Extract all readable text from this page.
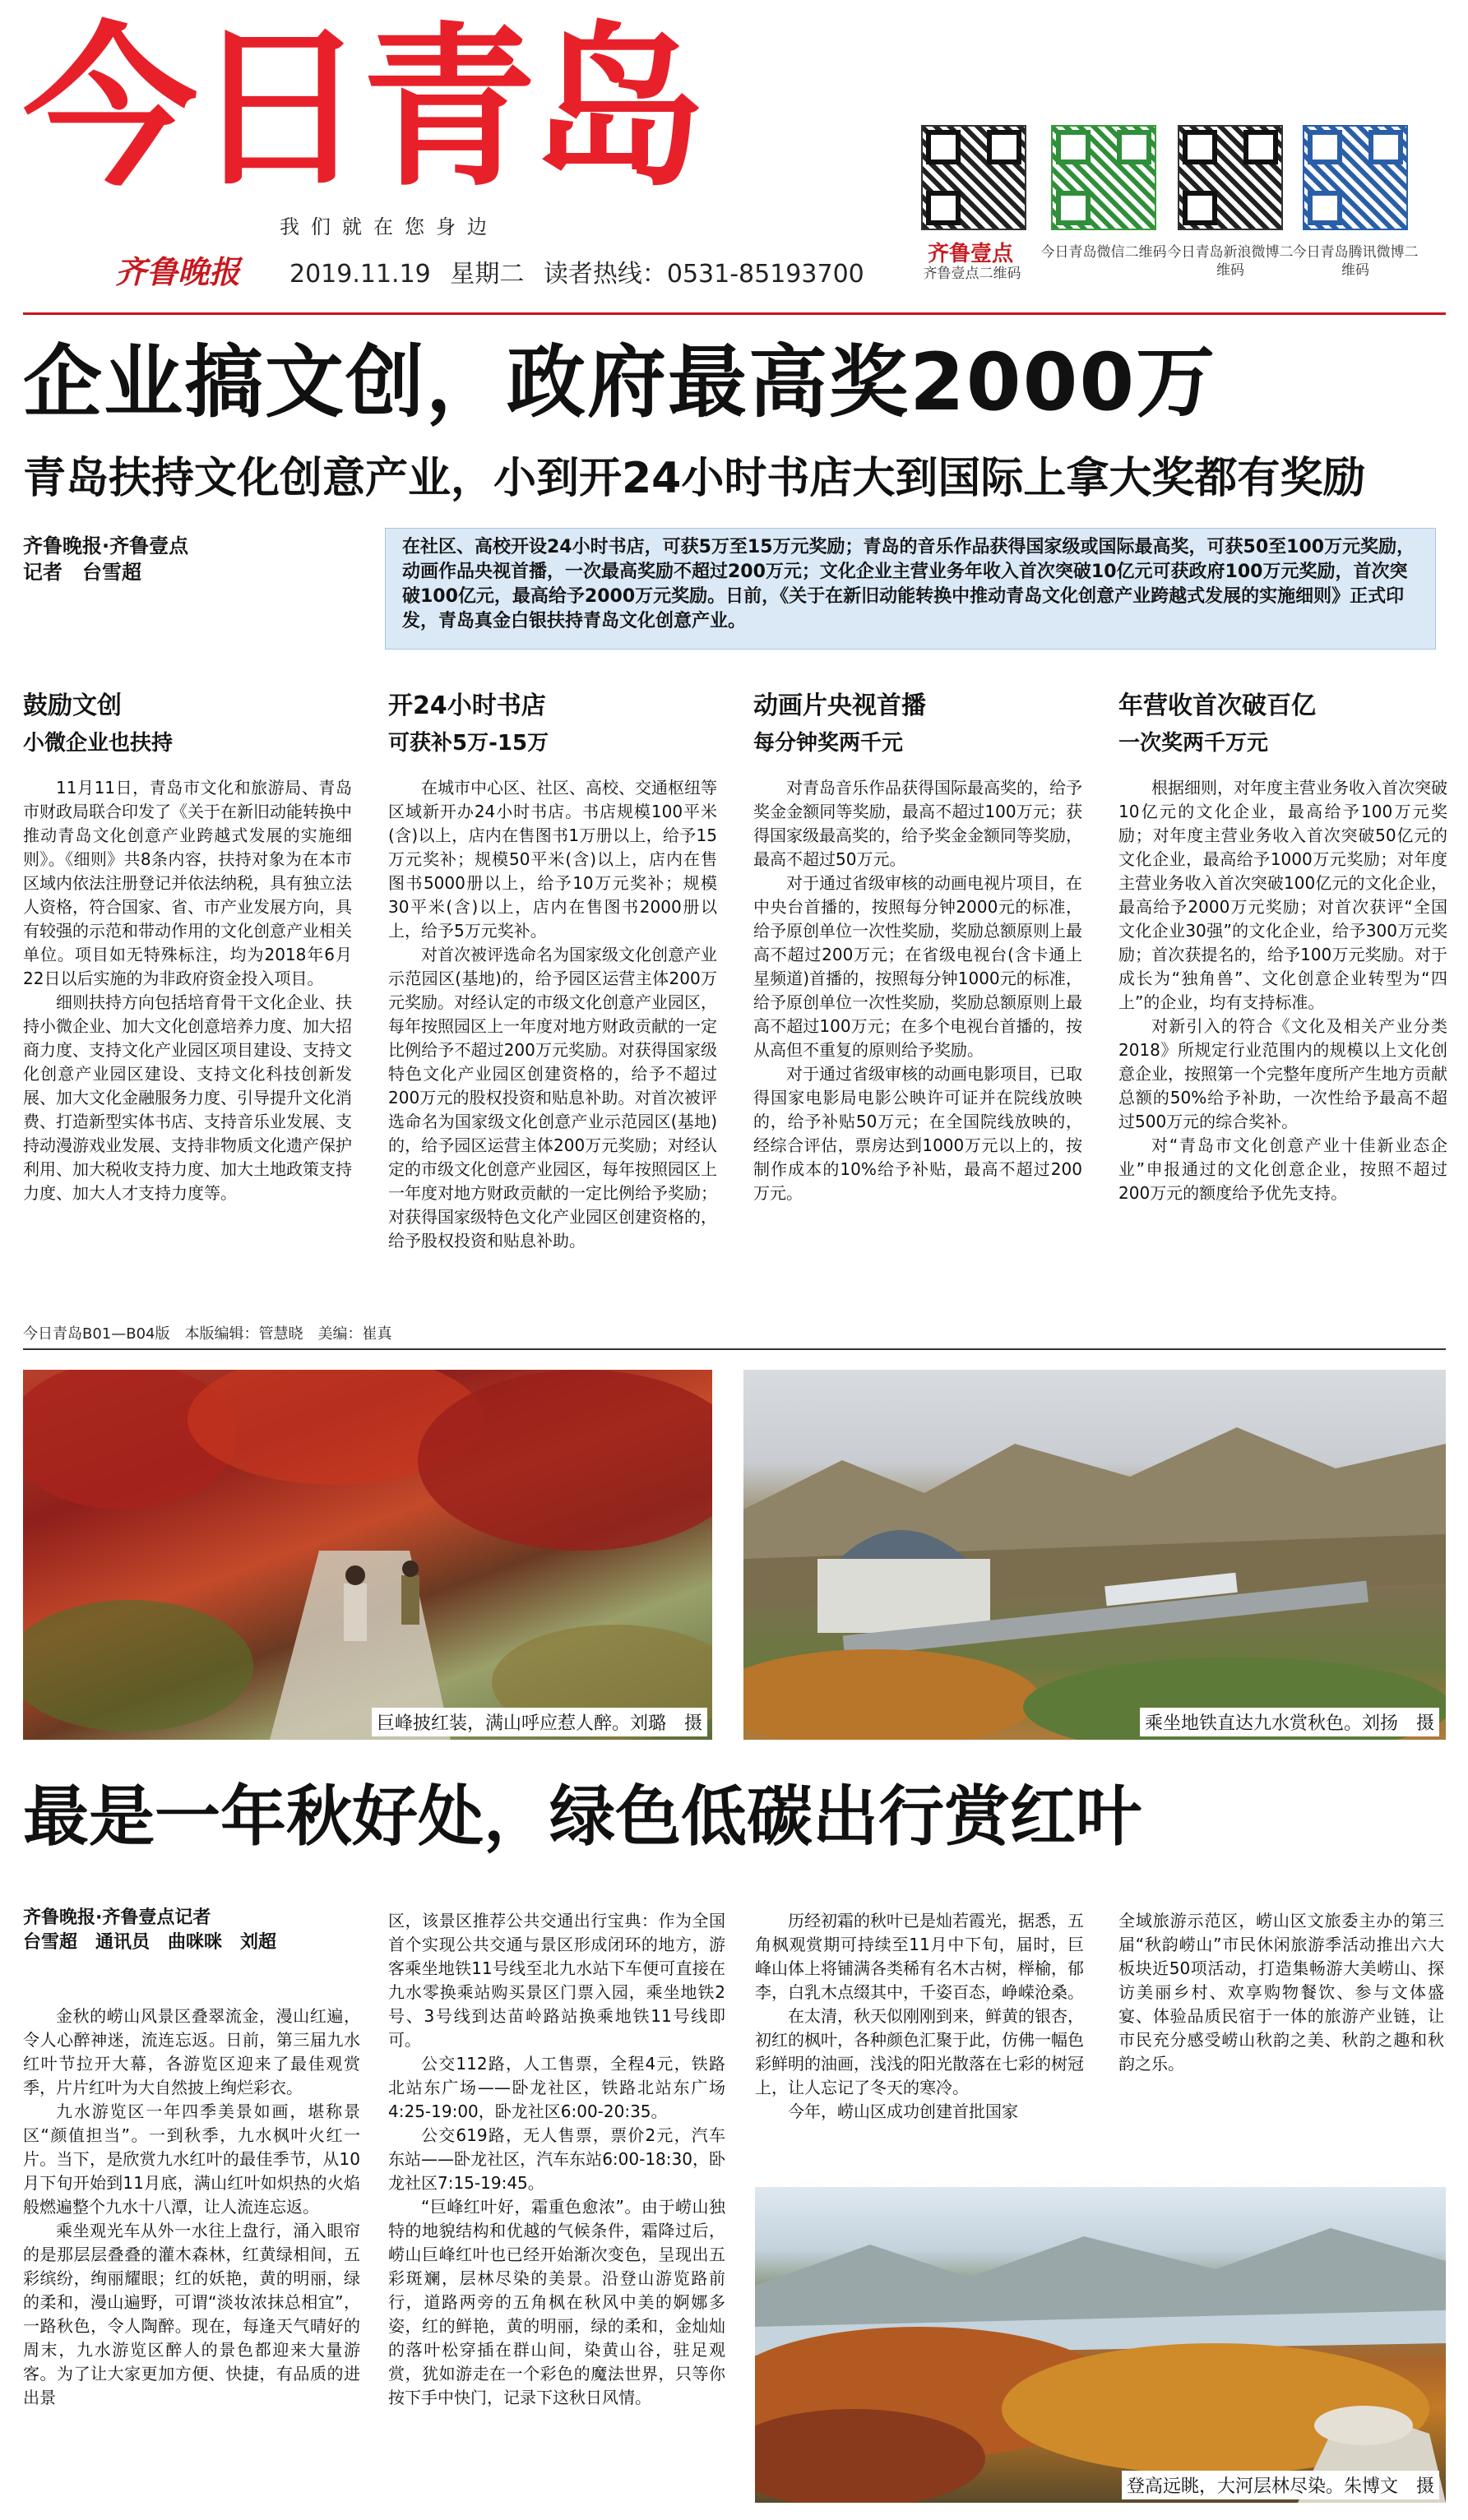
今日青岛
我们就在您身边
齐鲁晚报 2019.11.19 星期二 读者热线：0531-85193700
齐鲁壹点
齐鲁壹点二维码
今日青岛微信二维码 今日青岛新浪微博二维码
今日青岛腾讯微博二维码
企业搞文创，政府最高奖2000万
青岛扶持文化创意产业，小到开24小时书店大到国际上拿大奖都有奖励
齐鲁晚报·齐鲁壹点
记者　台雪超
在社区、高校开设24小时书店，可获5万至15万元奖励；青岛的音乐作品获得国家级或国际最高奖，可获50至100万元奖励，动画作品央视首播，一次最高奖励不超过200万元；文化企业主营业务年收入首次突破10亿元可获政府100万元奖励，首次突破100亿元，最高给予2000万元奖励。日前，《关于在新旧动能转换中推动青岛文化创意产业跨越式发展的实施细则》正式印发，青岛真金白银扶持青岛文化创意产业。
鼓励文创
小微企业也扶持

11月11日，青岛市文化和旅游局、青岛市财政局联合印发了《关于在新旧动能转换中推动青岛文化创意产业跨越式发展的实施细则》。《细则》共8条内容，扶持对象为在本市区域内依法注册登记并依法纳税，具有独立法人资格，符合国家、省、市产业发展方向，具有较强的示范和带动作用的文化创意产业相关单位。项目如无特殊标注，均为2018年6月22日以后实施的为非政府资金投入项目。

细则扶持方向包括培育骨干文化企业、扶持小微企业、加大文化创意培养力度、加大招商力度、支持文化产业园区项目建设、支持文化创意产业园区建设、支持文化科技创新发展、加大文化金融服务力度、引导提升文化消费、打造新型实体书店、支持音乐业发展、支持动漫游戏业发展、支持非物质文化遗产保护利用、加大税收支持力度、加大土地政策支持力度、加大人才支持力度等。

开24小时书店
可获补5万-15万

在城市中心区、社区、高校、交通枢纽等区域新开办24小时书店。书店规模100平米(含)以上，店内在售图书1万册以上，给予15万元奖补；规模50平米(含)以上，店内在售图书5000册以上，给予10万元奖补；规模30平米(含)以上，店内在售图书2000册以上，给予5万元奖补。

对首次被评选命名为国家级文化创意产业示范园区(基地)的，给予园区运营主体200万元奖励。对经认定的市级文化创意产业园区，每年按照园区上一年度对地方财政贡献的一定比例给予不超过200万元奖励。对获得国家级特色文化产业园区创建资格的，给予不超过200万元的股权投资和贴息补助。对首次被评选命名为国家级文化创意产业示范园区(基地)的，给予园区运营主体200万元奖励；对经认定的市级文化创意产业园区，每年按照园区上一年度对地方财政贡献的一定比例给予奖励；对获得国家级特色文化产业园区创建资格的，给予股权投资和贴息补助。

动画片央视首播
每分钟奖两千元

对青岛音乐作品获得国际最高奖的，给予奖金金额同等奖励，最高不超过100万元；获得国家级最高奖的，给予奖金金额同等奖励，最高不超过50万元。

对于通过省级审核的动画电视片项目，在中央台首播的，按照每分钟2000元的标准，给予原创单位一次性奖励，奖励总额原则上最高不超过200万元；在省级电视台(含卡通上星频道)首播的，按照每分钟1000元的标准，给予原创单位一次性奖励，奖励总额原则上最高不超过100万元；在多个电视台首播的，按从高但不重复的原则给予奖励。

对于通过省级审核的动画电影项目，已取得国家电影局电影公映许可证并在院线放映的，给予补贴50万元；在全国院线放映的，经综合评估，票房达到1000万元以上的，按制作成本的10%给予补贴，最高不超过200万元。

年营收首次破百亿
一次奖两千万元

根据细则，对年度主营业务收入首次突破10亿元的文化企业，最高给予100万元奖励；对年度主营业务收入首次突破50亿元的文化企业，最高给予1000万元奖励；对年度主营业务收入首次突破100亿元的文化企业，最高给予2000万元奖励；对首次获评“全国文化企业30强”的文化企业，给予300万元奖励；首次获提名的，给予100万元奖励。对于成长为“独角兽”、文化创意企业转型为“四上”的企业，均有支持标准。

对新引入的符合《文化及相关产业分类2018》所规定行业范围内的规模以上文化创意企业，按照第一个完整年度所产生地方贡献总额的50%给予补助，一次性给予最高不超过500万元的综合奖补。

对“青岛市文化创意产业十佳新业态企业”申报通过的文化创意企业，按照不超过200万元的额度给予优先支持。

今日青岛B01—B04版　本版编辑：管慧晓　美编：崔真
巨峰披红装，满山呼应惹人醉。刘璐　摄	乘坐地铁直达九水赏秋色。刘扬　摄
最是一年秋好处，绿色低碳出行赏红叶
齐鲁晚报·齐鲁壹点记者
台雪超　通讯员　曲咪咪　刘超

金秋的崂山风景区叠翠流金，漫山红遍，令人心醉神迷，流连忘返。日前，第三届九水红叶节拉开大幕，各游览区迎来了最佳观赏季，片片红叶为大自然披上绚烂彩衣。

九水游览区一年四季美景如画，堪称景区“颜值担当”。一到秋季，九水枫叶火红一片。当下，是欣赏九水红叶的最佳季节，从10月下旬开始到11月底，满山红叶如炽热的火焰般燃遍整个九水十八潭，让人流连忘返。

乘坐观光车从外一水往上盘行，涌入眼帘的是那层层叠叠的灌木森林，红黄绿相间，五彩缤纷，绚丽耀眼；红的妖艳，黄的明丽，绿的柔和，漫山遍野，可谓“淡妆浓抹总相宜”，一路秋色，令人陶醉。现在，每逢天气晴好的周末，九水游览区醉人的景色都迎来大量游客。为了让大家更加方便、快捷，有品质的进出景

区，该景区推荐公共交通出行宝典：作为全国首个实现公共交通与景区形成闭环的地方，游客乘坐地铁11号线至北九水站下车便可直接在九水零换乘站购买景区门票入园，乘坐地铁2号、3号线到达苗岭路站换乘地铁11号线即可。

公交112路，人工售票，全程4元，铁路北站东广场——卧龙社区，铁路北站东广场4:25-19:00，卧龙社区6:00-20:35。

公交619路，无人售票，票价2元，汽车东站——卧龙社区，汽车东站6:00-18:30，卧龙社区7:15-19:45。

“巨峰红叶好，霜重色愈浓”。由于崂山独特的地貌结构和优越的气候条件，霜降过后，崂山巨峰红叶也已经开始渐次变色，呈现出五彩斑斓，层林尽染的美景。沿登山游览路前行，道路两旁的五角枫在秋风中美的婀娜多姿，红的鲜艳，黄的明丽，绿的柔和，金灿灿的落叶松穿插在群山间，染黄山谷，驻足观赏，犹如游走在一个彩色的魔法世界，只等你按下手中快门，记录下这秋日风情。

历经初霜的秋叶已是灿若霞光，据悉，五角枫观赏期可持续至11月中下旬，届时，巨峰山体上将铺满各类稀有名木古树，榉榆，郁李，白乳木点缀其中，千姿百态，峥嵘沧桑。

在太清，秋天似刚刚到来，鲜黄的银杏，初红的枫叶，各种颜色汇聚于此，仿佛一幅色彩鲜明的油画，浅浅的阳光散落在七彩的树冠上，让人忘记了冬天的寒冷。

今年，崂山区成功创建首批国家

全域旅游示范区，崂山区文旅委主办的第三届“秋韵崂山”市民休闲旅游季活动推出六大板块近50项活动，打造集畅游大美崂山、探访美丽乡村、欢享购物餐饮、参与文体盛宴、体验品质民宿于一体的旅游产业链，让市民充分感受崂山秋韵之美、秋韵之趣和秋韵之乐。

登高远眺，大河层林尽染。朱博文　摄
